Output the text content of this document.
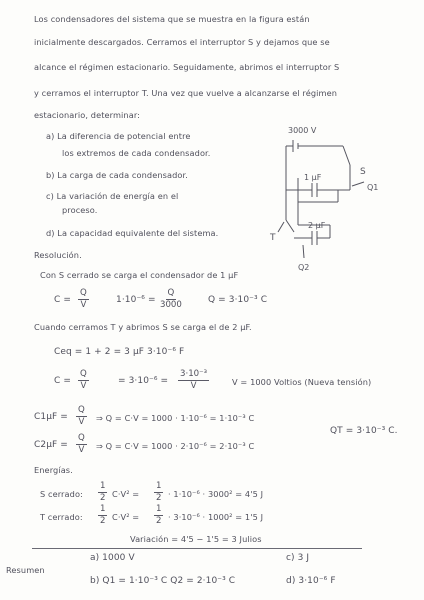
Los condensadores del sistema que se muestra en la figura están
inicialmente descargados. Cerramos el interruptor S y dejamos que se
alcance el régimen estacionario. Seguidamente, abrimos el interruptor S
y cerramos el interruptor T. Una vez que vuelve a alcanzarse el régimen
estacionario, determinar:
a) La diferencia de potencial entre
los extremos de cada condensador.
b) La carga de cada condensador.
c) La variación de energía en el
proceso.
d) La capacidad equivalente del sistema.
3000 V
1 µF
2 µF
S
T
Q1
Q2
Resolución.
Con S cerrado se carga el condensador de 1 µF
$C = \frac{Q}{V}$	$1\cdot 10^{-6} = \frac{Q}{3000}$	Q = 3·10⁻³ C
Cuando cerramos T y abrimos S se carga el de 2 µF.
Ceq = 1 + 2 = 3 µF 3·10⁻⁶ F
$C = \frac{Q}{V}$	= $3\cdot 10^{-6} = \frac{\text{3·10⁻³}}{V}$	V = 1000 Voltios (Nueva tensión)
$C1\mu F = \frac{Q}{V}$ ⇒ Q = C·V = 1000 · 1·10⁻⁶ = 1·10⁻³ C
QT = 3·10⁻³ C.
$C2\mu F = \frac{Q}{V}$ ⇒ Q = C·V = 1000 · 2·10⁻⁶ = 2·10⁻³ C
Energías.
S cerrado: $\frac{1}{2} C\cdot V^2 = \frac{1}{2} \cdot 1\cdot 10^{-6} \cdot 3000^2 = 4'5$ J
T cerrado: $\frac{1}{2} C\cdot V^2 = \frac{1}{2} \cdot 3\cdot 10^{-6} \cdot 1000^2 = 1'5$ J
Variación = 4'5 − 1'5 = 3 Julios
Resumen
a) 1000 V
b) Q1 = 1·10⁻³ C Q2 = 2·10⁻³ C
c) 3 J
d) 3·10⁻⁶ F
